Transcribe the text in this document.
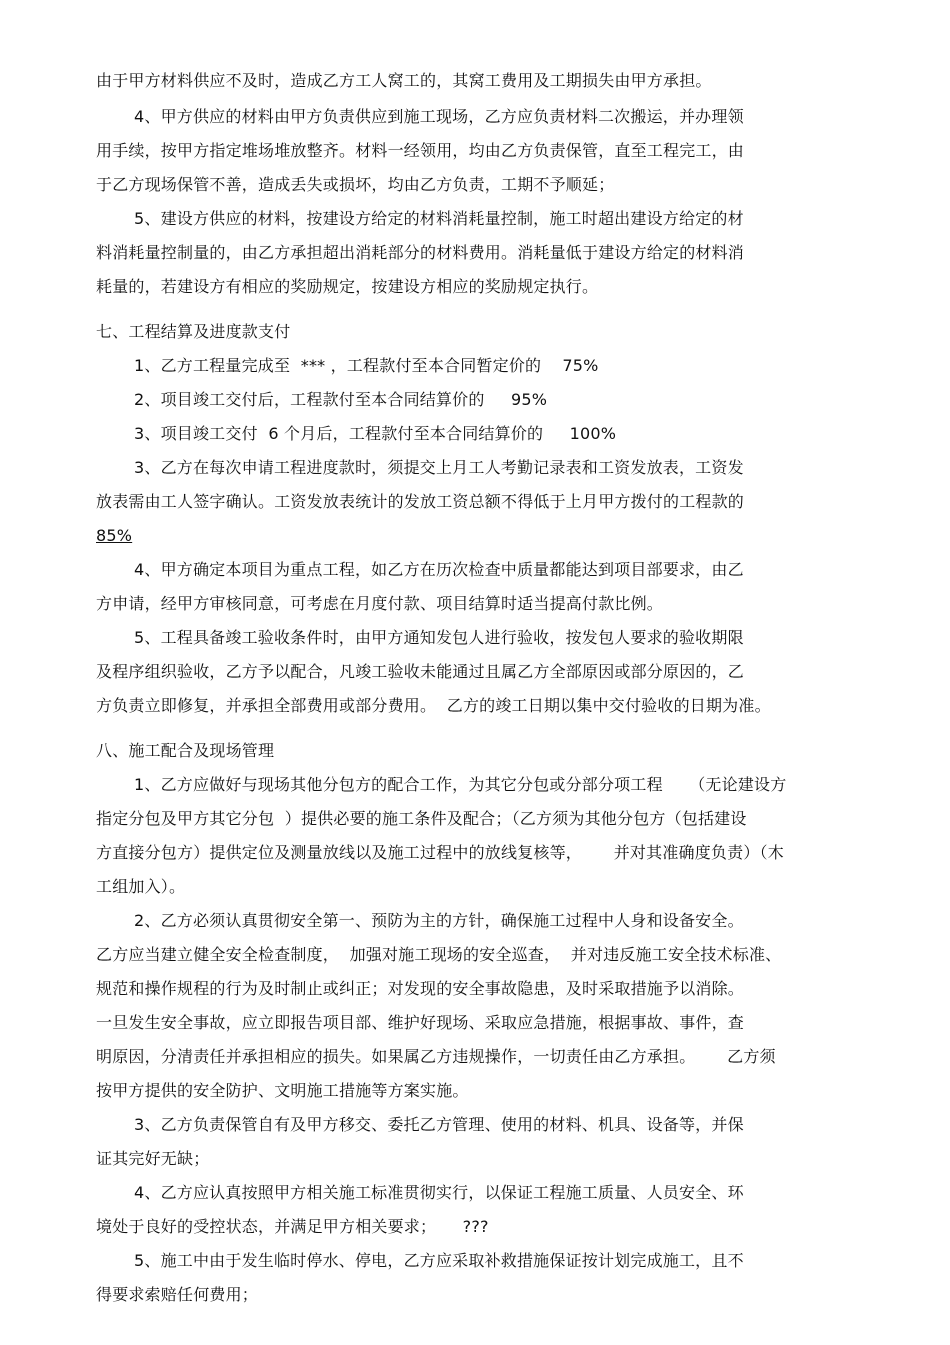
由于甲方材料供应不及时，造成乙方工人窝工的，其窝工费用及工期损失由甲方承担。
4、甲方供应的材料由甲方负责供应到施工现场，乙方应负责材料二次搬运，并办理领
用手续，按甲方指定堆场堆放整齐。材料一经领用，均由乙方负责保管，直至工程完工，由
于乙方现场保管不善，造成丢失或损坏，均由乙方负责，工期不予顺延；
5、建设方供应的材料，按建设方给定的材料消耗量控制，施工时超出建设方给定的材
料消耗量控制量的，由乙方承担超出消耗部分的材料费用。消耗量低于建设方给定的材料消
耗量的，若建设方有相应的奖励规定，按建设方相应的奖励规定执行。
七、工程结算及进度款支付
1、乙方工程量完成至  *** ，工程款付至本合同暂定价的    75%
2、项目竣工交付后，工程款付至本合同结算价的     95%
3、项目竣工交付  6 个月后，工程款付至本合同结算价的     100%
3、乙方在每次申请工程进度款时，须提交上月工人考勤记录表和工资发放表，工资发
放表需由工人签字确认。工资发放表统计的发放工资总额不得低于上月甲方拨付的工程款的
85%
4、甲方确定本项目为重点工程，如乙方在历次检查中质量都能达到项目部要求，由乙
方申请，经甲方审核同意，可考虑在月度付款、项目结算时适当提高付款比例。
5、工程具备竣工验收条件时，由甲方通知发包人进行验收，按发包人要求的验收期限
及程序组织验收，乙方予以配合，凡竣工验收未能通过且属乙方全部原因或部分原因的，乙
方负责立即修复，并承担全部费用或部分费用。  乙方的竣工日期以集中交付验收的日期为准。
八、施工配合及现场管理
1、乙方应做好与现场其他分包方的配合工作，为其它分包或分部分项工程     （无论建设方
指定分包及甲方其它分包  ）提供必要的施工条件及配合；（乙方须为其他分包方（包括建设
方直接分包方）提供定位及测量放线以及施工过程中的放线复核等，      并对其准确度负责）（木
工组加入）。
2、乙方必须认真贯彻安全第一、预防为主的方针，确保施工过程中人身和设备安全。
乙方应当建立健全安全检查制度，  加强对施工现场的安全巡查，  并对违反施工安全技术标准、
规范和操作规程的行为及时制止或纠正；对发现的安全事故隐患，及时采取措施予以消除。
一旦发生安全事故，应立即报告项目部、维护好现场、采取应急措施，根据事故、事件，查
明原因，分清责任并承担相应的损失。如果属乙方违规操作，一切责任由乙方承担。      乙方须
按甲方提供的安全防护、文明施工措施等方案实施。
3、乙方负责保管自有及甲方移交、委托乙方管理、使用的材料、机具、设备等，并保
证其完好无缺；
4、乙方应认真按照甲方相关施工标准贯彻实行，以保证工程施工质量、人员安全、环
境处于良好的受控状态，并满足甲方相关要求；     ???
5、施工中由于发生临时停水、停电，乙方应采取补救措施保证按计划完成施工，且不
得要求索赔任何费用；
